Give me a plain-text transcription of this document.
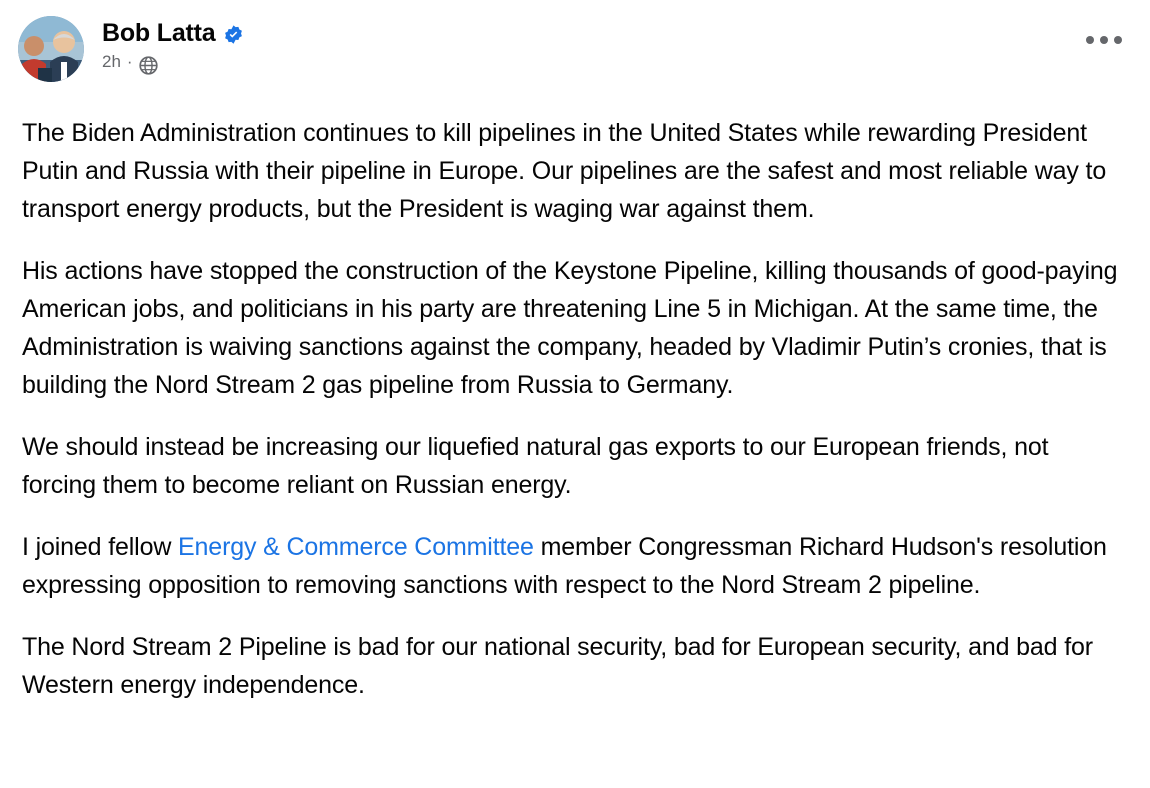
Bob Latta
2h ·

The Biden Administration continues to kill pipelines in the United States while rewarding President Putin and Russia with their pipeline in Europe. Our pipelines are the safest and most reliable way to transport energy products, but the President is waging war against them.

His actions have stopped the construction of the Keystone Pipeline, killing thousands of good-paying American jobs, and politicians in his party are threatening Line 5 in Michigan. At the same time, the Administration is waiving sanctions against the company, headed by Vladimir Putin’s cronies, that is building the Nord Stream 2 gas pipeline from Russia to Germany.

We should instead be increasing our liquefied natural gas exports to our European friends, not forcing them to become reliant on Russian energy.

I joined fellow Energy & Commerce Committee member Congressman Richard Hudson's resolution expressing opposition to removing sanctions with respect to the Nord Stream 2 pipeline.

The Nord Stream 2 Pipeline is bad for our national security, bad for European security, and bad for Western energy independence.
